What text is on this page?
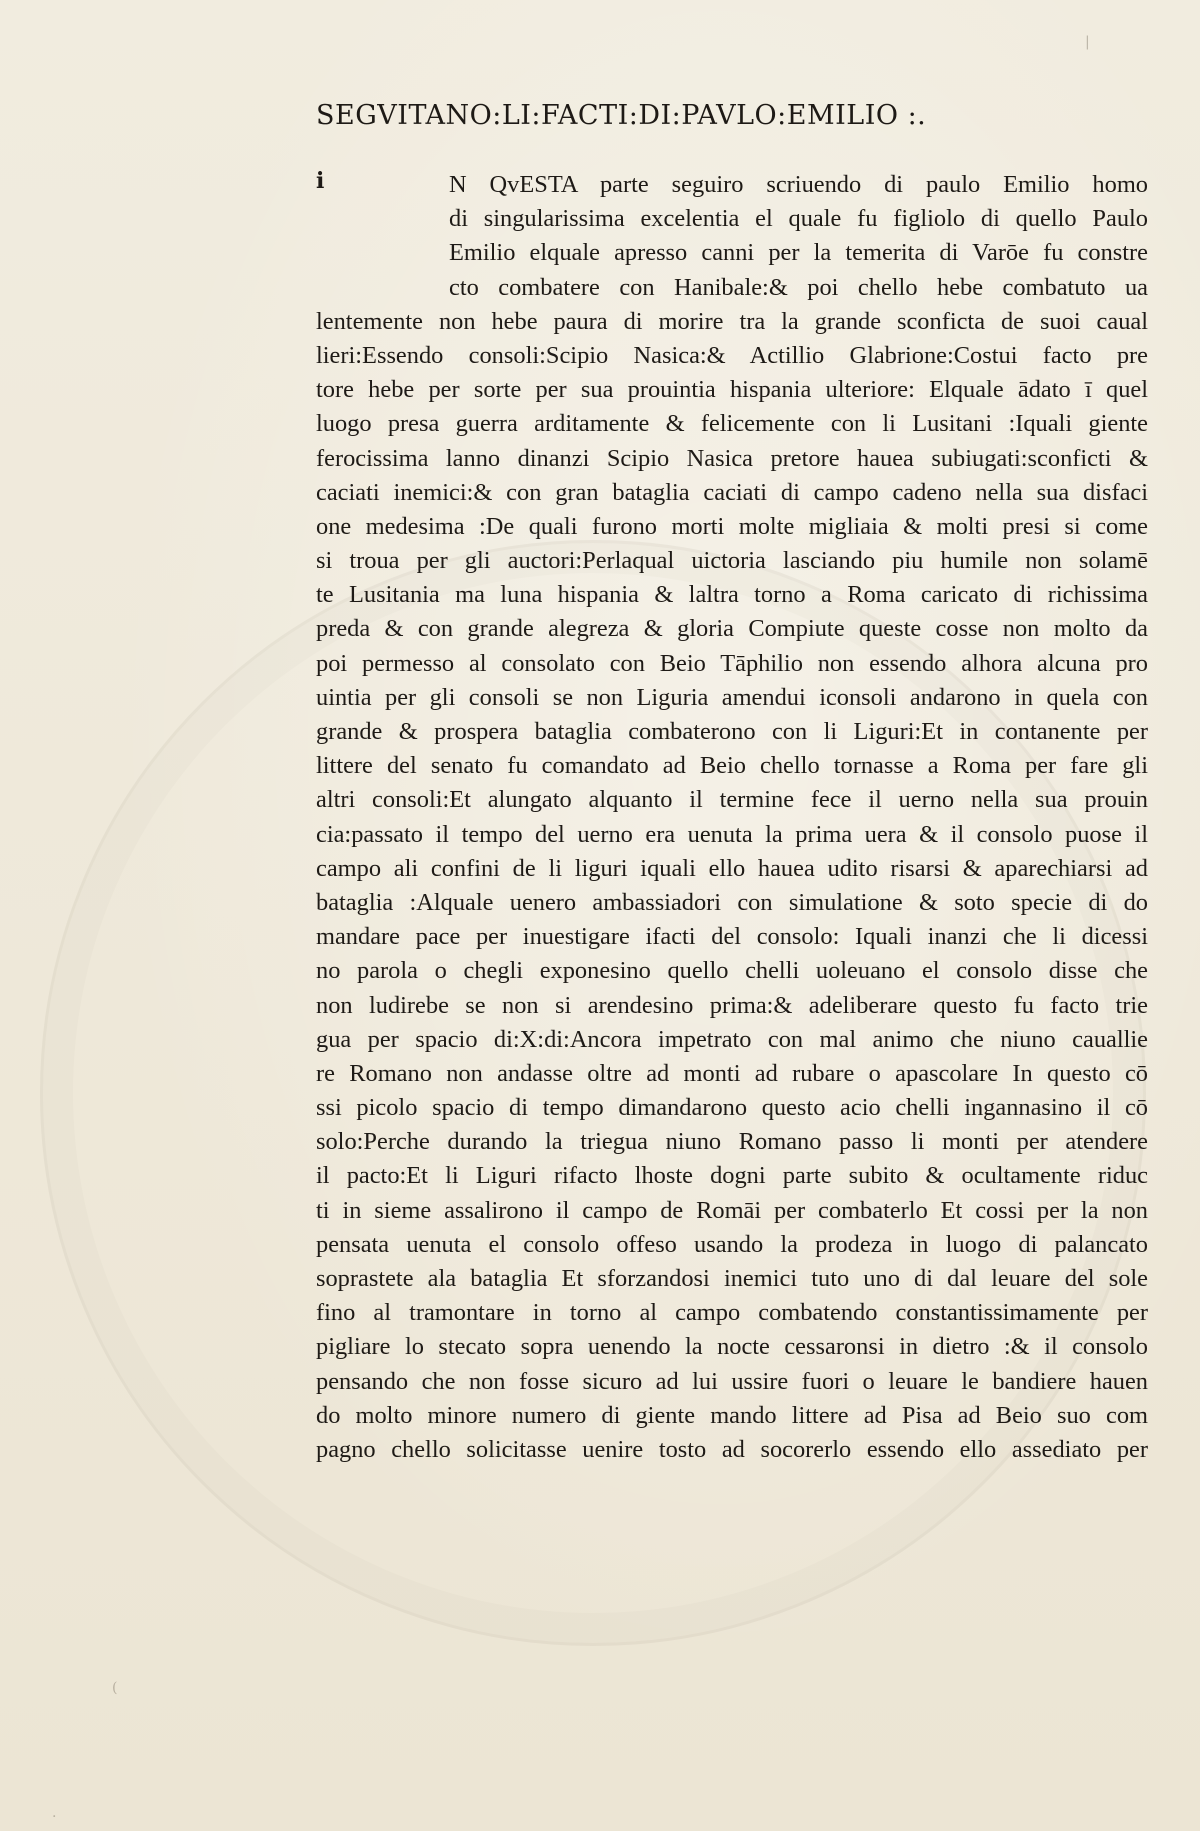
SEGVITANO:LI:FACTI:DI:PAVLO:EMILIO :.
i	N QvESTA parte seguiro scriuendo di paulo Emilio homo
di singularissima excelentia el quale fu figliolo di quello Paulo
Emilio elquale apresso canni per la temerita di Varōe fu constre
cto combatere con Hanibale:& poi chello hebe combatuto ua
lentemente non hebe paura di morire tra la grande sconficta de suoi caual
lieri:Essendo consoli:Scipio Nasica:& Actillio Glabrione:Costui facto pre
tore hebe per sorte per sua prouintia hispania ulteriore: Elquale ādato ī quel
luogo presa guerra arditamente & felicemente con li Lusitani :Iquali giente
ferocissima lanno dinanzi Scipio Nasica pretore hauea subiugati:sconficti &
caciati inemici:& con gran bataglia caciati di campo cadeno nella sua disfaci
one medesima :De quali furono morti molte migliaia & molti presi si come
si troua per gli auctori:Perlaqual uictoria lasciando piu humile non solamē
te Lusitania ma luna hispania & laltra torno a Roma caricato di richissima
preda & con grande alegreza & gloria Compiute queste cosse non molto da
poi permesso al consolato con Beio Tāphilio non essendo alhora alcuna pro
uintia per gli consoli se non Liguria amendui iconsoli andarono in quela con
grande & prospera bataglia combaterono con li Liguri:Et in contanente per
littere del senato fu comandato ad Beio chello tornasse a Roma per fare gli
altri consoli:Et alungato alquanto il termine fece il uerno nella sua prouin
cia:passato il tempo del uerno era uenuta la prima uera & il consolo puose il
campo ali confini de li liguri iquali ello hauea udito risarsi & aparechiarsi ad
bataglia :Alquale uenero ambassiadori con simulatione & soto specie di do
mandare pace per inuestigare ifacti del consolo: Iquali inanzi che li dicessi
no parola o chegli exponesino quello chelli uoleuano el consolo disse che
non ludirebe se non si arendesino prima:& adeliberare questo fu facto trie
gua per spacio di:X:di:Ancora impetrato con mal animo che niuno cauallie
re Romano non andasse oltre ad monti ad rubare o apascolare In questo cō
ssi picolo spacio di tempo dimandarono questo acio chelli ingannasino il cō
solo:Perche durando la triegua niuno Romano passo li monti per atendere
il pacto:Et li Liguri rifacto lhoste dogni parte subito & ocultamente riduc
ti in sieme assalirono il campo de Romāi per combaterlo Et cossi per la non
pensata uenuta el consolo offeso usando la prodeza in luogo di palancato
soprastete ala bataglia Et sforzandosi inemici tuto uno di dal leuare del sole
fino al tramontare in torno al campo combatendo constantissimamente per
pigliare lo stecato sopra uenendo la nocte cessaronsi in dietro :& il consolo
pensando che non fosse sicuro ad lui ussire fuori o leuare le bandiere hauen
do molto minore numero di giente mando littere ad Pisa ad Beio suo com
pagno chello solicitasse uenire tosto ad socorerlo essendo ello assediato per
|
(
.
